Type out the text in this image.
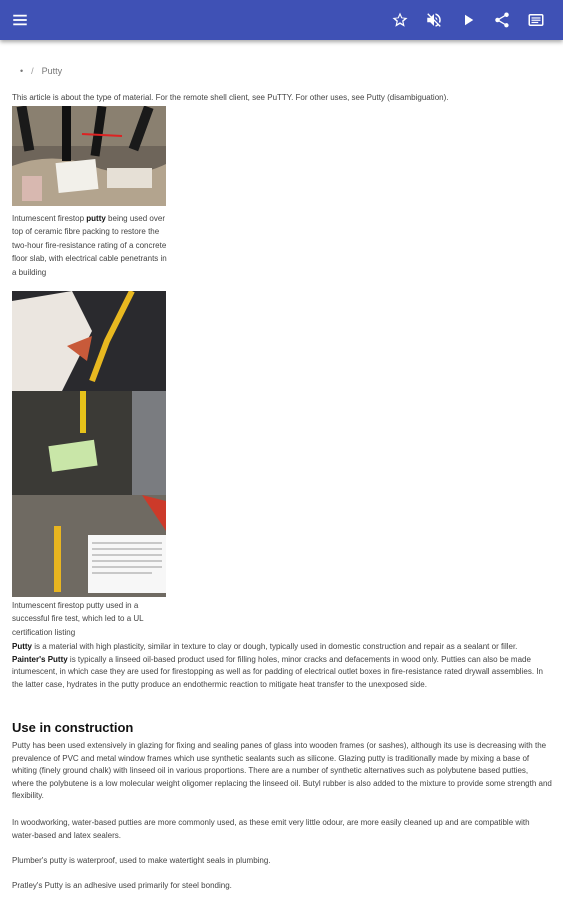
• / Putty
This article is about the type of material. For the remote shell client, see PuTTY. For other uses, see Putty (disambiguation).
Intumescent firestop putty being used over top of ceramic fibre packing to restore the two-hour fire-resistance rating of a concrete floor slab, with electrical cable penetrants in a building
Intumescent firestop putty used in a successful fire test, which led to a UL certification listing
Putty is a material with high plasticity, similar in texture to clay or dough, typically used in domestic construction and repair as a sealant or filler. Painter's Putty is typically a linseed oil-based product used for filling holes, minor cracks and defacements in wood only. Putties can also be made intumescent, in which case they are used for firestopping as well as for padding of electrical outlet boxes in fire-resistance rated drywall assemblies. In the latter case, hydrates in the putty produce an endothermic reaction to mitigate heat transfer to the unexposed side.
Use in construction
Putty has been used extensively in glazing for fixing and sealing panes of glass into wooden frames (or sashes), although its use is decreasing with the prevalence of PVC and metal window frames which use synthetic sealants such as silicone. Glazing putty is traditionally made by mixing a base of whiting (finely ground chalk) with linseed oil in various proportions. There are a number of synthetic alternatives such as polybutene based putties, where the polybutene is a low molecular weight oligomer replacing the linseed oil. Butyl rubber is also added to the mixture to provide some strength and flexibility.
In woodworking, water-based putties are more commonly used, as these emit very little odour, are more easily cleaned up and are compatible with water-based and latex sealers.
Plumber's putty is waterproof, used to make watertight seals in plumbing.
Pratley's Putty is an adhesive used primarily for steel bonding.
